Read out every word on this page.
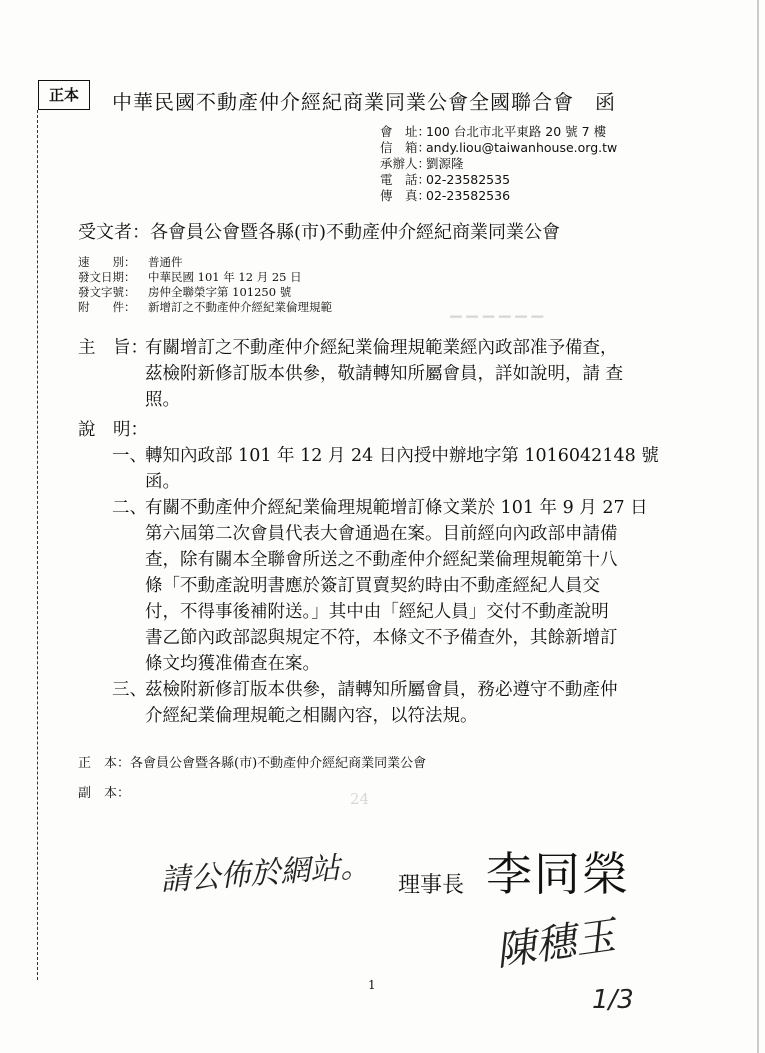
正本	中華民國不動產仲介經紀商業同業公會全國聯合會　函
會　址：100 台北市北平東路 20 號 7 樓
信　箱：andy.liou@taiwanhouse.org.tw
承辦人：劉源隆
電　話：02-23582535
傳　真：02-23582536
受文者：各會員公會暨各縣(市)不動產仲介經紀商業同業公會
速　　別： 普通件
發文日期： 中華民國 101 年 12 月 25 日
發文字號： 房仲全聯榮字第 101250 號
附　　件： 新增訂之不動產仲介經紀業倫理規範	▁ ▁ ▁ ▁ ▁ ▁
24
主　旨：
有關增訂之不動產仲介經紀業倫理規範業經內政部准予備查，
茲檢附新修訂版本供參，敬請轉知所屬會員，詳如說明，請 查
照。
說　明：
一、
轉知內政部 101 年 12 月 24 日內授中辦地字第 1016042148 號
函。
二、
有關不動產仲介經紀業倫理規範增訂條文業於 101 年 9 月 27 日
第六屆第二次會員代表大會通過在案。目前經向內政部申請備
查，除有關本全聯會所送之不動產仲介經紀業倫理規範第十八
條「不動產說明書應於簽訂買賣契約時由不動產經紀人員交
付，不得事後補附送。」其中由「經紀人員」交付不動產說明
書乙節內政部認與規定不符，本條文不予備查外，其餘新增訂
條文均獲准備查在案。
三、
茲檢附新修訂版本供參，請轉知所屬會員，務必遵守不動產仲
介經紀業倫理規範之相關內容，以符法規。
正　本：各會員公會暨各縣(市)不動產仲介經紀商業同業公會
副　本：
請公佈於網站。 理事長 李同榮
陳穗玉
1/3
1
